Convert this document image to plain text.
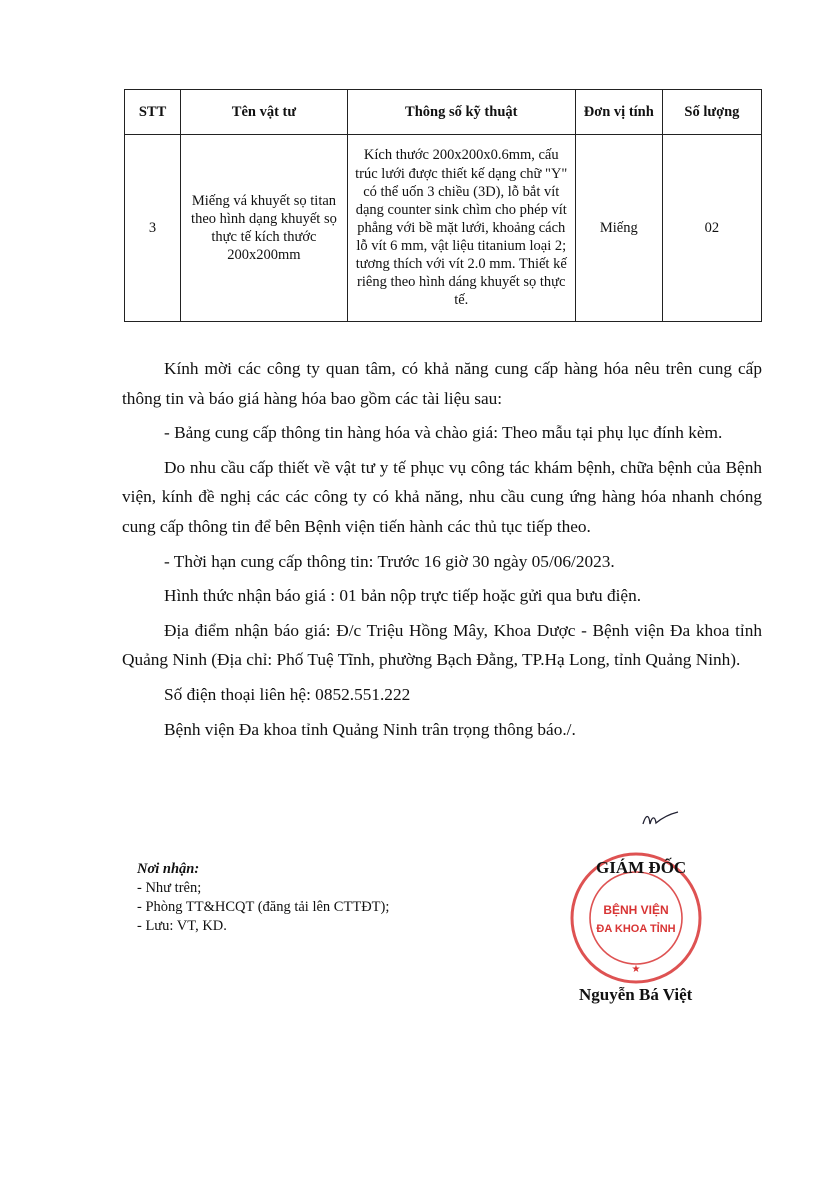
STT	Tên vật tư	Thông số kỹ thuật	Đơn vị tính	Số lượng
3	Miếng vá khuyết sọ titan theo hình dạng khuyết sọ thực tế kích thước 200x200mm	Kích thước 200x200x0.6mm, cấu trúc lưới được thiết kế dạng chữ "Y" có thể uốn 3 chiều (3D), lỗ bắt vít dạng counter sink chìm cho phép vít phẳng với bề mặt lưới, khoảng cách lỗ vít 6 mm, vật liệu titanium loại 2; tương thích với vít 2.0 mm. Thiết kế riêng theo hình dáng khuyết sọ thực tế.	Miếng	02

Kính mời các công ty quan tâm, có khả năng cung cấp hàng hóa nêu trên cung cấp thông tin và báo giá hàng hóa bao gồm các tài liệu sau:

- Bảng cung cấp thông tin hàng hóa và chào giá: Theo mẫu tại phụ lục đính kèm.

Do nhu cầu cấp thiết về vật tư y tế phục vụ công tác khám bệnh, chữa bệnh của Bệnh viện, kính đề nghị các các công ty có khả năng, nhu cầu cung ứng hàng hóa nhanh chóng cung cấp thông tin để bên Bệnh viện tiến hành các thủ tục tiếp theo.

- Thời hạn cung cấp thông tin: Trước 16 giờ 30 ngày 05/06/2023.

Hình thức nhận báo giá : 01 bản nộp trực tiếp hoặc gửi qua bưu điện.

Địa điểm nhận báo giá: Đ/c Triệu Hồng Mây, Khoa Dược - Bệnh viện Đa khoa tỉnh Quảng Ninh (Địa chỉ: Phố Tuệ Tĩnh, phường Bạch Đằng, TP.Hạ Long, tỉnh Quảng Ninh).

Số điện thoại liên hệ: 0852.551.222

Bệnh viện Đa khoa tỉnh Quảng Ninh trân trọng thông báo./.

Nơi nhận:
- Như trên;
- Phòng TT&HCQT (đăng tải lên CTTĐT);
- Lưu: VT, KD.
BỆNH VIỆN
ĐA KHOA TỈNH
★
GIÁM ĐỐC
Nguyễn Bá Việt
